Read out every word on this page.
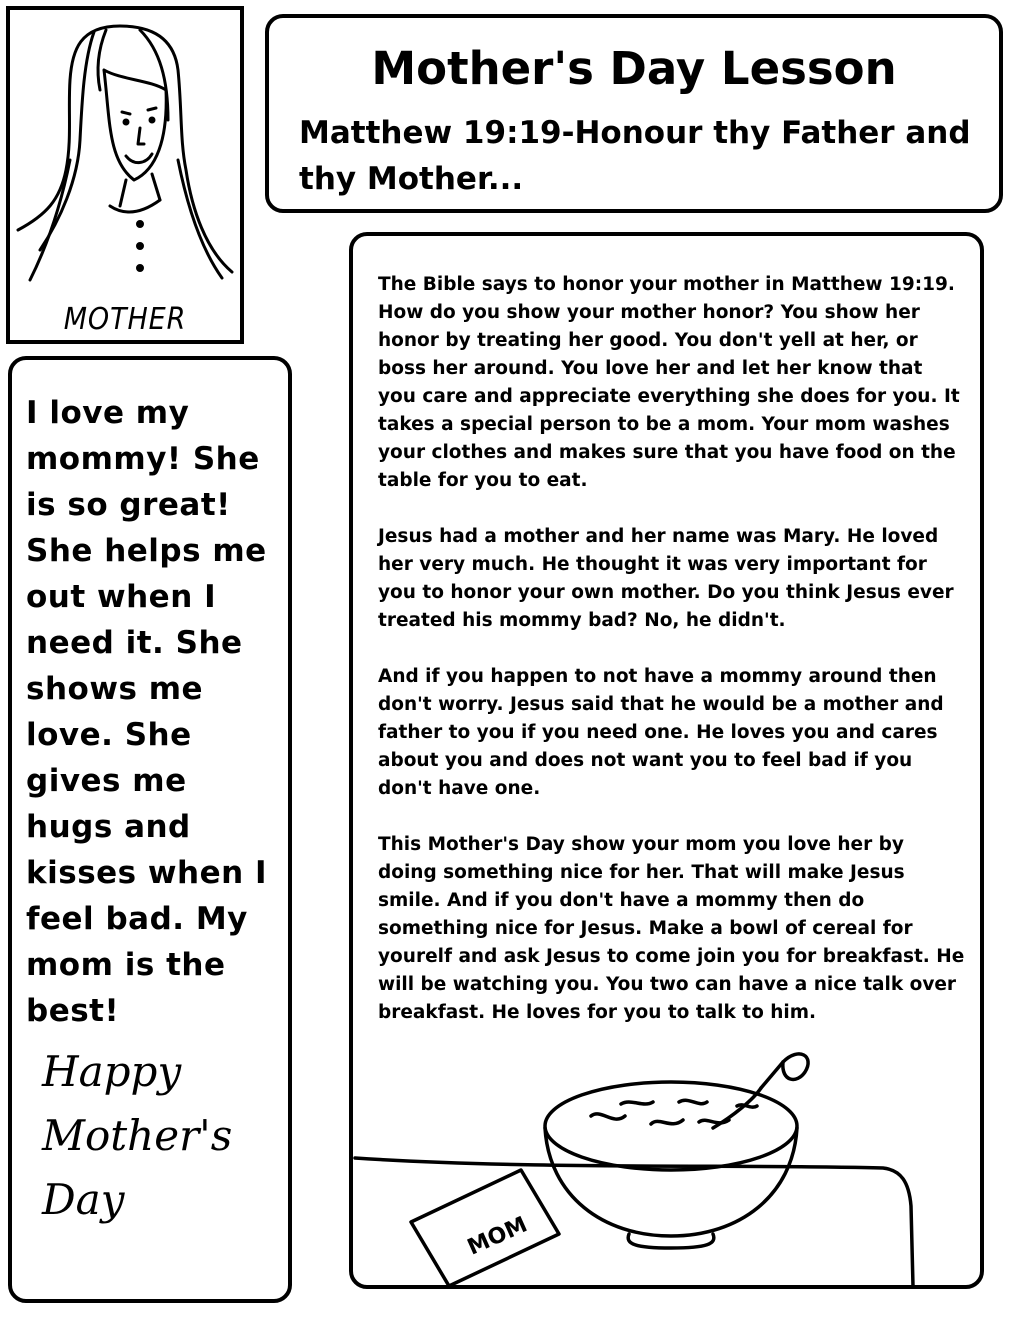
MOTHER
Mother's Day Lesson
Matthew 19:19-Honour thy Father and thy Mother...
I love my mommy! She is so great! She helps me out when I need it. She shows me love. She gives me hugs and kisses when I feel bad. My mom is the best!
Happy
Mother's
Day

The Bible says to honor your mother in Matthew 19:19. How do you show your mother honor? You show her honor by treating her good. You don't yell at her, or boss her around. You love her and let her know that you care and appreciate everything she does for you. It takes a special person to be a mom. Your mom washes your clothes and makes sure that you have food on the table for you to eat.

Jesus had a mother and her name was Mary. He loved her very much. He thought it was very important for you to honor your own mother. Do you think Jesus ever treated his mommy bad? No, he didn't.

And if you happen to not have a mommy around then don't worry. Jesus said that he would be a mother and father to you if you need one. He loves you and cares about you and does not want you to feel bad if you don't have one.

This Mother's Day show your mom you love her by doing something nice for her. That will make Jesus smile. And if you don't have a mommy then do something nice for Jesus. Make a bowl of cereal for yourelf and ask Jesus to come join you for breakfast. He will be watching you. You two can have a nice talk over breakfast. He loves for you to talk to him.

MOM
